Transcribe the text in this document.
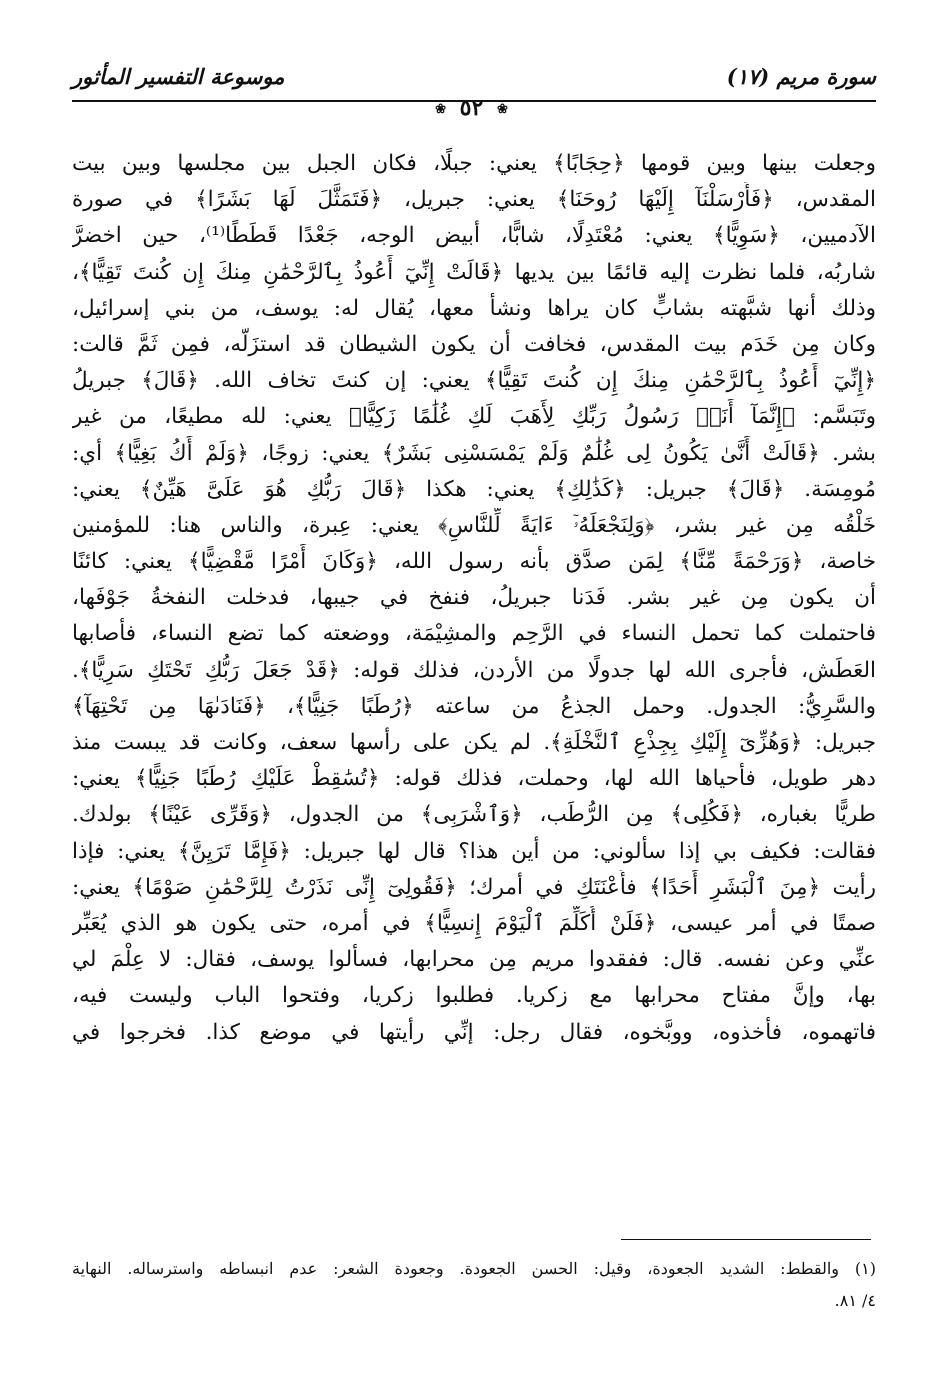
موسوعة التفسير المأثور	سورة مريم (١٧)
❀ ٥٢ ❀
وجعلت بينها وبين قومها ﴿حِجَابًا﴾ يعني: جبلًا، فكان الجبل بين مجلسها وبين بيت
المقدس، ﴿فَأَرْسَلْنَآ إِلَيْهَا رُوحَنَا﴾ يعني: جبريل، ﴿فَتَمَثَّلَ لَهَا بَشَرًا﴾ في صورة
الآدميين، ﴿سَوِيًّا﴾ يعني: مُعْتَدِلًا، شابًّا، أبيض الوجه، جَعْدًا قَطَطًا⁽¹⁾، حين اخضرَّ
شاربُه، فلما نظرت إليه قائمًا بين يديها ﴿قَالَتْ إِنِّيٓ أَعُوذُ بِٱلرَّحْمَٰنِ مِنكَ إِن كُنتَ تَقِيًّا﴾،
وذلك أنها شبَّهته بشابٍّ كان يراها ونشأ معها، يُقال له: يوسف، من بني إسرائيل،
وكان مِن خَدَم بيت المقدس، فخافت أن يكون الشيطان قد استزَلَّه، فمِن ثَمَّ قالت:
﴿إِنِّيٓ أَعُوذُ بِٱلرَّحْمَٰنِ مِنكَ إِن كُنتَ تَقِيًّا﴾ يعني: إن كنتَ تخاف الله. ﴿قَالَ﴾ جبريلُ
وتَبَسَّم: ﴿إِنَّمَآ أَنَا۠ رَسُولُ رَبِّكِ لِأَهَبَ لَكِ غُلَٰمًا زَكِيًّا﴾ يعني: لله مطيعًا، من غير
بشر. ﴿قَالَتْ أَنَّىٰ يَكُونُ لِى غُلَٰمٌ وَلَمْ يَمْسَسْنِى بَشَرٌ﴾ يعني: زوجًا، ﴿وَلَمْ أَكُ بَغِيًّا﴾ أي:
مُومِسَة. ﴿قَالَ﴾ جبريل: ﴿كَذَٰلِكِ﴾ يعني: هكذا ﴿قَالَ رَبُّكِ هُوَ عَلَىَّ هَيِّنٌ﴾ يعني:
خَلْقُه مِن غير بشر، ﴿وَلِنَجْعَلَهُۥٓ ءَايَةً لِّلنَّاسِ﴾ يعني: عِبرة، والناس هنا: للمؤمنين
خاصة، ﴿وَرَحْمَةً مِّنَّا﴾ لِمَن صدَّق بأنه رسول الله، ﴿وَكَانَ أَمْرًا مَّقْضِيًّا﴾ يعني: كائنًا
أن يكون مِن غير بشر. فَدَنا جبريلُ، فنفخ في جيبها، فدخلت النفخةُ جَوْفَها،
فاحتملت كما تحمل النساء في الرَّحِم والمشِيْمَة، ووضعته كما تضع النساء، فأصابها
العَطَش، فأجرى الله لها جدولًا من الأردن، فذلك قوله: ﴿قَدْ جَعَلَ رَبُّكِ تَحْتَكِ سَرِيًّا﴾.
والسَّرِيُّ: الجدول. وحمل الجذعُ من ساعته ﴿رُطَبًا جَنِيًّا﴾، ﴿فَنَادَىٰهَا مِن تَحْتِهَآ﴾
جبريل: ﴿وَهُزِّىٓ إِلَيْكِ بِجِذْعِ ٱلنَّخْلَةِ﴾. لم يكن على رأسها سعف، وكانت قد يبست منذ
دهر طويل، فأحياها الله لها، وحملت، فذلك قوله: ﴿تُسَٰقِطْ عَلَيْكِ رُطَبًا جَنِيًّا﴾ يعني:
طريًّا بغباره، ﴿فَكُلِى﴾ مِن الرُّطَب، ﴿وَٱشْرَبِى﴾ من الجدول، ﴿وَقَرِّى عَيْنًا﴾ بولدك.
فقالت: فكيف بي إذا سألوني: من أين هذا؟ قال لها جبريل: ﴿فَإِمَّا تَرَيِنَّ﴾ يعني: فإذا
رأيت ﴿مِنَ ٱلْبَشَرِ أَحَدًا﴾ فأَعْنَتَكِ في أمرك؛ ﴿فَقُولِىٓ إِنِّى نَذَرْتُ لِلرَّحْمَٰنِ صَوْمًا﴾ يعني:
صمتًا في أمر عيسى، ﴿فَلَنْ أُكَلِّمَ ٱلْيَوْمَ إِنسِيًّا﴾ في أمره، حتى يكون هو الذي يُعَبِّر
عنِّي وعن نفسه. قال: ففقدوا مريم مِن محرابها، فسألوا يوسف، فقال: لا عِلْمَ لي
بها، وإنَّ مفتاح محرابها مع زكريا. فطلبوا زكريا، وفتحوا الباب وليست فيه،
فاتهموه، فأخذوه، ووبَّخوه، فقال رجل: إنِّي رأيتها في موضع كذا. فخرجوا في
(١) والقطط: الشديد الجعودة، وقيل: الحسن الجعودة. وجعودة الشعر: عدم انبساطه واسترساله. النهاية
٤/ ٨١.
